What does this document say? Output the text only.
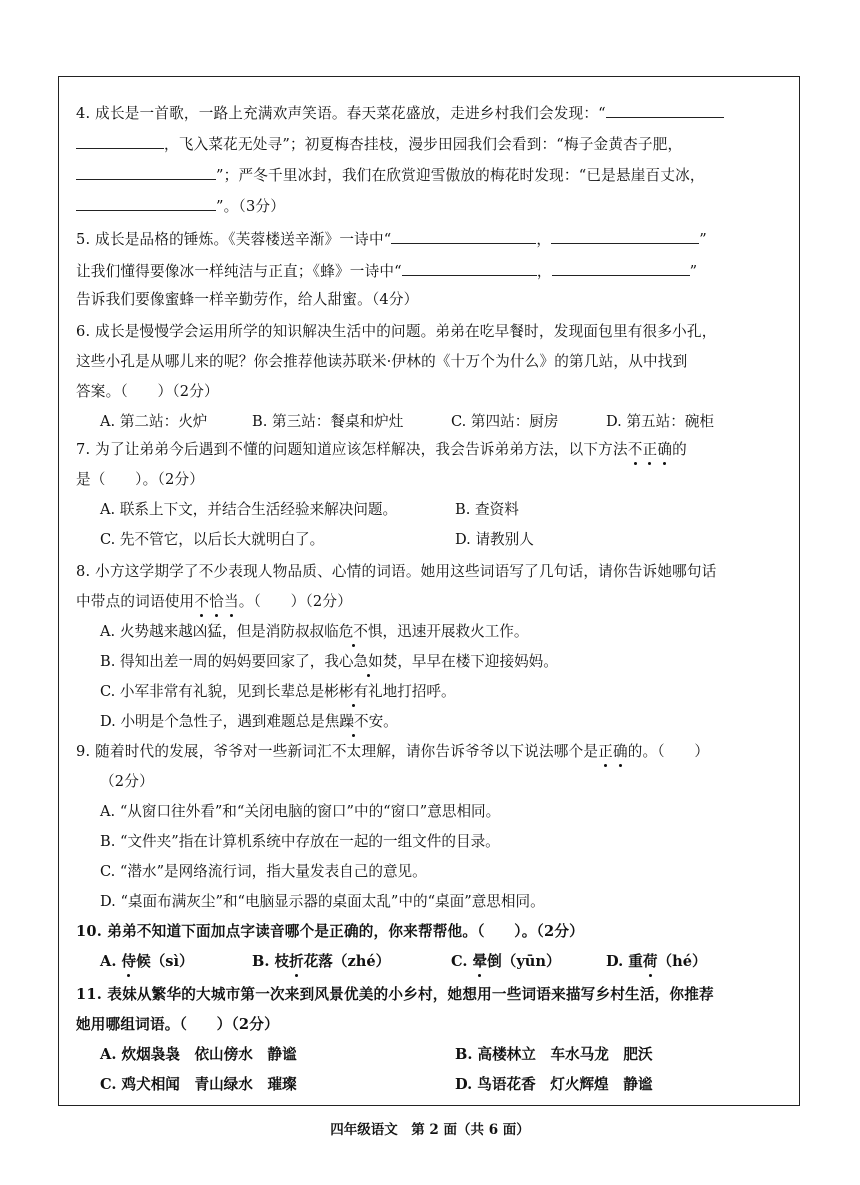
4. 成长是一首歌，一路上充满欢声笑语。春天菜花盛放，走进乡村我们会发现：“
，飞入菜花无处寻”；初夏梅杏挂枝，漫步田园我们会看到：“梅子金黄杏子肥，
”；严冬千里冰封，我们在欣赏迎雪傲放的梅花时发现：“已是悬崖百丈冰，
”。（3分）
5. 成长是品格的锤炼。《芙蓉楼送辛渐》一诗中“	，	”
让我们懂得要像冰一样纯洁与正直；《蜂》一诗中“	，	”
告诉我们要像蜜蜂一样辛勤劳作，给人甜蜜。（4分）
6. 成长是慢慢学会运用所学的知识解决生活中的问题。弟弟在吃早餐时，发现面包里有很多小孔，
这些小孔是从哪儿来的呢？你会推荐他读苏联米·伊林的《十万个为什么》的第几站，从中找到
答案。（　　）（2分）
A. 第二站：火炉	B. 第三站：餐桌和炉灶	C. 第四站：厨房	D. 第五站：碗柜
7. 为了让弟弟今后遇到不懂的问题知道应该怎样解决，我会告诉弟弟方法，以下方法不正确的
是（　　）。（2分）
A. 联系上下文，并结合生活经验来解决问题。	B. 查资料
C. 先不管它，以后长大就明白了。	D. 请教别人
8. 小方这学期学了不少表现人物品质、心情的词语。她用这些词语写了几句话，请你告诉她哪句话
中带点的词语使用不恰当。（　　）（2分）
A. 火势越来越凶猛，但是消防叔叔临危不惧，迅速开展救火工作。
B. 得知出差一周的妈妈要回家了，我心急如焚，早早在楼下迎接妈妈。
C. 小军非常有礼貌，见到长辈总是彬彬有礼地打招呼。
D. 小明是个急性子，遇到难题总是焦躁不安。
9. 随着时代的发展，爷爷对一些新词汇不太理解，请你告诉爷爷以下说法哪个是正确的。（　　）
（2分）
A. “从窗口往外看”和“关闭电脑的窗口”中的“窗口”意思相同。
B. “文件夹”指在计算机系统中存放在一起的一组文件的目录。
C. “潜水”是网络流行词，指大量发表自己的意见。
D. “桌面布满灰尘”和“电脑显示器的桌面太乱”中的“桌面”意思相同。
10. 弟弟不知道下面加点字读音哪个是正确的，你来帮帮他。（　　）。（2分）
A. 侍候（sì）	B. 枝折花落（zhé）	C. 晕倒（yūn）	D. 重荷（hé）
11. 表妹从繁华的大城市第一次来到风景优美的小乡村，她想用一些词语来描写乡村生活，你推荐
她用哪组词语。（　　）（2分）
A. 炊烟袅袅　依山傍水　静谧	B. 高楼林立　车水马龙　肥沃
C. 鸡犬相闻　青山绿水　璀璨	D. 鸟语花香　灯火辉煌　静谧
四年级语文　第 2 面（共 6 面）
